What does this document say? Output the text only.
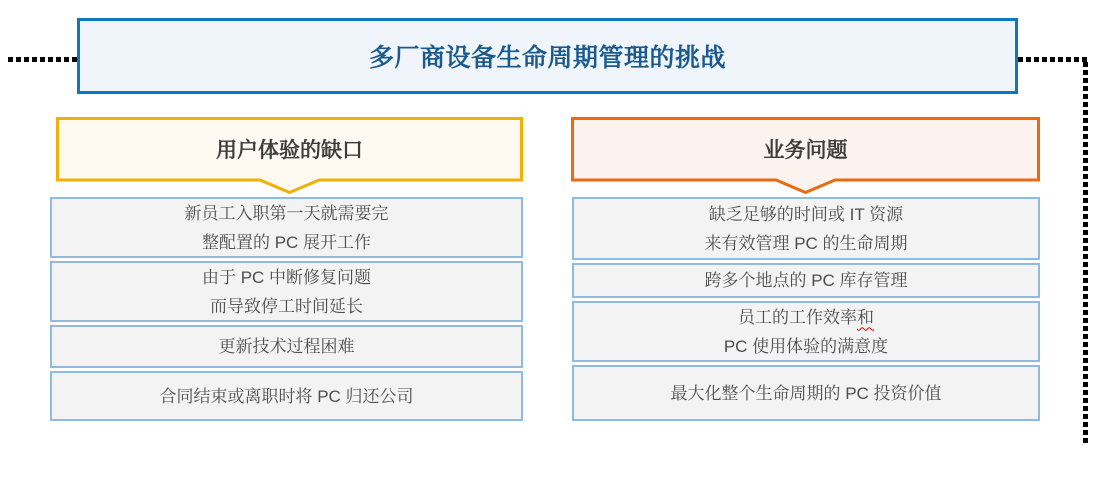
多厂商设备生命周期管理的挑战
用户体验的缺口
新员工入职第一天就需要完
整配置的 PC 展开工作
由于 PC 中断修复问题
而导致停工时间延长
更新技术过程困难
合同结束或离职时将 PC 归还公司
业务问题
缺乏足够的时间或 IT 资源
来有效管理 PC 的生命周期
跨多个地点的 PC 库存管理
员工的工作效率和
PC 使用体验的满意度
最大化整个生命周期的 PC 投资价值
